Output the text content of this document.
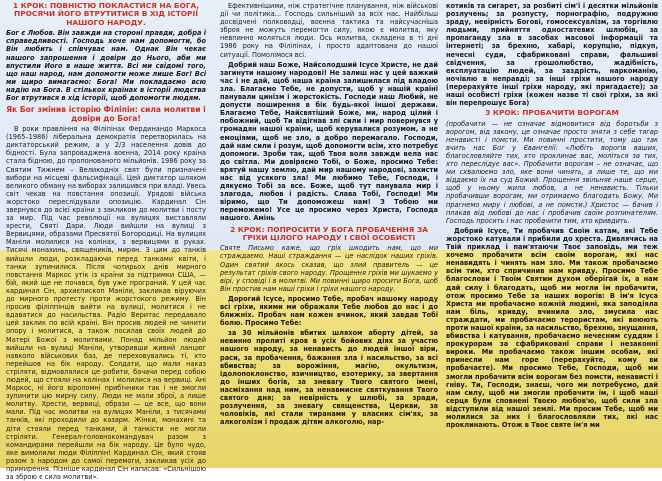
1 КРОК: ПОВНІСТЮ ПОКЛАСТИСЯ НА БОГА, ПРОСЯЧИ ЙОГО ВТРУТИТИСЯ В ХІД ІСТОРІЇ НАШОГО НАРОДУ.
Бог є Любов. Він завжди на стороні правди, добра і справедливості. Господь хоче нам допомогти, бо Він любить і співчуває нам. Однак Він чекає нашого запрошення і довіри до Нього, аби ми впустили Його в наше життя. Всі ми свідомі того, що наш народ, нам допомогти може лише Бог! Всі ми щиро вимагаємо: Бога! Ми покладаємо всю надію на Бога. В стількох країнах в історії людства Бог втрутився в хід історії, щоб допомогти людям.
Як Бог змінив історію Філіпін: сила молитви і довіри до Бога!
В роки правління на Філіпінах Фердинандо Маркоса (1965–1986) ліберальна демократія перетворилась на диктаторський режим, а у 2/3 населення довів до бідності. Була запроваджена воєнна, 2014 року країна стала бідною, до пропонованого мільйонів. 1986 року за Святим Тижнем – Великодніх свят були призначені вибори на місцеві фальсифікації. Цей диктатор шляхом великого обману на виборах залишився при владі. Увесь світ чекав на повстання опозиції. Урядові війська жорстоко переслідували опозицію. Кардинал Сін звернувся до всієї країни з закликом до молитви і посту за мир. Під час революції на вулицях виставляли хрести, Святі Дари. Люди вийшли на вулиці з Вервицями, образами Пресвятої Богородиці. На вулицях Маніли молилися на колінах, з вервицями в руках. Тисячі монахинь, священиків, мирян. З цим до танків вийшли люди, розкладаючи перед танками квіти, і танки зупинилися. Після чотирьох днів мирного повстання Маркос утік із країни за підтримки США, — бій, який ще не почався, був уже програний. У цей час кардинал Сін, архиєпископ Маніли, закликав віруючих до мирного протесту проти жорстокого режиму. Він просив філіппінців вийти на вулиці, молитися і не вдаватися до насильства. Радіо Веритас передавало цей заклик по всій країні. Він просив людей не чинити опору і молитися, а також посилав своїх людей до Матері Божої з молитвами. Понад мільйон людей вийшли на вулиці Маніли, утворивши живий ланцюг навколо військових баз, де переховувались ті, хто перейшов на бік народу. Солдати, що мали наказ стріляти, відмовлялися це робити, бачачи перед собою людей, що стояли на колінах і молилися на вервиці. Ані Маркос, ні його віроломні прибічники так і не змогли зупинити цю мирну силу. Люди не мали зброї, а лише молитву. Хрести, вервиці, образи — це все, що вони мали. Під час молитви на вулицях Маніли, з тисячами танків, які проходили до казарм. Жінки, монахині та діти стояли перед танками, й танкісти не могли стріляти. Генерал-головнокомандувач разом з командирами перейшли на бік народу. Це було чудо, яке вимолили люди Філіппін! Кардинал Сін, який стояв разом з народом до самої перемоги, закликав усіх до примирення. Пізніше кардинал Сін написав: «Сильнішою за зброю є сила молитви».
Ефективнішими, ніж стратегічне планування, ніж військові дії чи політика... Господь сильніший за всіх нас. Найбільш досвідчені полководці, воєнна тактика та найсучасніша зброя не можуть перемогти силу, якою є молитва, яку невпинно моляться люди. Ось молитва, складена в ті дні 1986 року на Філіпінах, і просто адаптована до нашої ситуації. Помолімося всі.
Добрий наш Боже, Найсолодший Ісусе Христе, не дай загинути нашому народові! Не залиш нас у цей важкий час і не дай, щоб наша країна залишилася під владою зла. Благаємо Тебе, не допусти, щоб у нашій країні панували цинізм і жорстокість. Господи наш Любий, не допусти поширення в бік будь-якої іншої держави. Благаємо Тебе, Найсвятіший Боже, ми, народ цілий і побожний, щоб Ти відігнав злі сили і мир повернувся у громадян нашої країни, щоб керувалися розумом, а не емоціями, щоб не зло, а добро перемагало. Господи, дай нам сили і розум, щоб допомогти всім, хто потребує допомоги. Зроби так, щоб Твоя воля завжди вела нас до світла. Ми довіряємо Тобі, о Боже, просимо Тебе: врятуй нашу землю, дай мир нашому народові, захисти нас від усякого зла! Ми любимо Тебе, Господи, і дякуємо Тобі за все. Боже, щоб тут панувала мир і злагода, любов і радість. Слава Тобі, Господи! Ми віримо, що Ти допоможеш нам! З Тобою ми переможемо! Усе це просимо через Христа, Господа нашого. Амінь
2 КРОК: ПОПРОСИТИ У БОГА ПРОБАЧЕННЯ ЗА ГРІХИ ЦІЛОГО НАРОДУ І СВОЇ ОСОБИСТІ
Святе Письмо каже, що гріх шкодить нам, що ми страждаємо. Наші страждання — це наслідок наших гріхів. Один святий якось сказав, що злий правитель — це результат гріхів свого народу. Прощення гріхів ми шукаємо у вірі, у сповіді і в молитві. Ми повинні щиро просити Бога, щоб Він простив нам наші гріхи і гріхи нашого народу.
Дорогий Ісусе, просимо Тебе, пробач нашому народу всі гріхи, якими ми ображали Тебе любов до нас і до ближніх. Пробач нам кожен вчинок, який завдав Тобі болю. Просимо Тебе:
за 30 мільйонів вбитих шляхом аборту дітей, за невинно пролиті кров в усіх бойових діях за участю нашого народу, за ненависть до людей іншої віри, раси, за пробачення, бажання зла і насильство, за всі вбивства; за ворожіння, магію, окультизм, ідолопоклонство, язичництво, езотерику, за звертання до інших богів, за зневагу Твого святого імені, насміхання над ним, за ненавмисне святкування Твого святого дня; за невірність у шлюбі, за зради, розлучення, за зневагу священства, Церкви, за чоловіків, які стали тиранами у власних сім'ях, за алкоголізм і продаж дітям алкоголю, нар-
котиків та сигарет, за розбиті сім'ї і десятки мільйонів розлучень; за розпусту, порнографію, подружню зраду, невірність Богові, гомосексуалізм, за торгівлю людьми, прийняття одностатевих шлюбів, за пропаганду зла в засобах масової інформації та інтернеті; за брехню, хабарі, корупцію, підкуп, нечесні суди, сфабриковані справи, фальшиві свідчення, за грошолюбство, жадібність, експлуатацію людей, за заздрість, наркоманію, ночівлю в неправді; за інші гріхи нашого народу (перерахуйте інші гріхи народу, які пригадаєте); за наші особисті гріхи (кожен назве ті свої гріхи, за які він перепрошує Бога)
3 КРОК: ПРОБАЧИТИ ВОРОГАМ
(пробачити — не означає відмовитися від боротьби з ворогом, від закону, це означає просто зняти з себе тягар ненависті і помсти. Ми повинні простити, тому що так вчить нас Бог у Євангелії: «Любіть ворогів ваших, благословляйте тих, хто проклинає вас, моліться за тих, хто переслідує вас». Пробачити ворогам – не означає, що ми схвалюємо зло, яке вони чинять, а лише те, що ми віддаємо їх на суд Божий. Прощення звільняє наше серце, щоб у ньому жила любов, а не ненависть. Тільки пробачивши ворогам, ми отримаємо благодать Божу. Ми прагнемо миру і любові, а не помсти.) Христос — бачив і плакав від любові до нас і пробачив своїм розпинателям. Господь просить і нас пробачити тим, хто кривдить.
Добрий Ісусе, Ти пробачив Своїм катам, які Тебе жорстоко катували і прибили до хреста. Дивлячись на Твій приклад і пам'ятаючи Твоє заповідь, ми теж хочемо пробачити всім своїм ворогам, які нас ненавидять і чинять нам зло. Ми також пробачаємо всім тим, хто спричинив нам кривду. Просимо Тебе благослови і Твоїм Святим духом оберігай їх, а нам дай силу і благодать, щоб ми могли їм пробачити, отож просимо Тебе за наших ворогів: В ім'я Ісуса Христа ми пробачаємо кожній людині, яка заподіяла нам біль, кривду, вчинила зло, змусила нас страждати, ми пробачаємо терористам, які воюють проти нашої країни, за насильство, брехню, знущання, вбивства і катування, пробачаємо нечесним суддям і прокурорам за сфабриковані справи і незаконні вироки. Ми пробачаємо також іншим особам, які принесли нам горе (перерахуйте, кому ви пробачаєте). Ми просимо Тебе, Господи, щоб ми змогли пробачити всім ворогам без помсти, ненависті і гніву. Ти, Господи, знаєш, чого ми потребуємо, дай нам силу, щоб ми змогли пробачити їм, і щоб наші серця були сповнені Твоєю любов'ю, щоб сили зла відступили від нашої землі. Ми просим Тебе, щоб ми молилися за них і благословляли тих, які нас проклинають. Отож в Твоє святе ім'я ми
